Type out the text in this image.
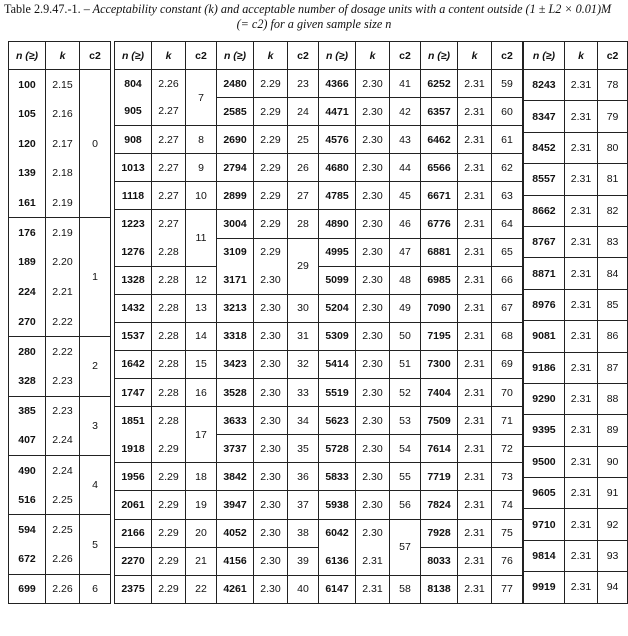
Table 2.9.47.-1. – Acceptability constant (k) and acceptable number of dosage units with a content outside (1 ± L2 × 0.01)M
(= c2) for a given sample size n
n (≥)	k	c2
100	2.15	0
105	2.16	
120	2.17	
139	2.18	
161	2.19	
176	2.19	1
189	2.20	
224	2.21	
270	2.22	
280	2.22	2
328	2.23	
385	2.23	3
407	2.24	
490	2.24	4
516	2.25	
594	2.25	5
672	2.26	
699	2.26	6
n (≥)	k	c2
804	2.26	7
905	2.27	
908	2.27	8
1013	2.27	9
1118	2.27	10
1223	2.27	11
1276	2.28	
1328	2.28	12
1432	2.28	13
1537	2.28	14
1642	2.28	15
1747	2.28	16
1851	2.28	17
1918	2.29	
1956	2.29	18
2061	2.29	19
2166	2.29	20
2270	2.29	21
2375	2.29	22
n (≥)	k	c2
2480	2.29	23
2585	2.29	24
2690	2.29	25
2794	2.29	26
2899	2.29	27
3004	2.29	28
3109	2.29	29
3171	2.30	
3213	2.30	30
3318	2.30	31
3423	2.30	32
3528	2.30	33
3633	2.30	34
3737	2.30	35
3842	2.30	36
3947	2.30	37
4052	2.30	38
4156	2.30	39
4261	2.30	40
n (≥)	k	c2
4366	2.30	41
4471	2.30	42
4576	2.30	43
4680	2.30	44
4785	2.30	45
4890	2.30	46
4995	2.30	47
5099	2.30	48
5204	2.30	49
5309	2.30	50
5414	2.30	51
5519	2.30	52
5623	2.30	53
5728	2.30	54
5833	2.30	55
5938	2.30	56
6042	2.30	57
6136	2.31	
6147	2.31	58
n (≥)	k	c2
6252	2.31	59
6357	2.31	60
6462	2.31	61
6566	2.31	62
6671	2.31	63
6776	2.31	64
6881	2.31	65
6985	2.31	66
7090	2.31	67
7195	2.31	68
7300	2.31	69
7404	2.31	70
7509	2.31	71
7614	2.31	72
7719	2.31	73
7824	2.31	74
7928	2.31	75
8033	2.31	76
8138	2.31	77
n (≥)	k	c2
8243	2.31	78
8347	2.31	79
8452	2.31	80
8557	2.31	81
8662	2.31	82
8767	2.31	83
8871	2.31	84
8976	2.31	85
9081	2.31	86
9186	2.31	87
9290	2.31	88
9395	2.31	89
9500	2.31	90
9605	2.31	91
9710	2.31	92
9814	2.31	93
9919	2.31	94
